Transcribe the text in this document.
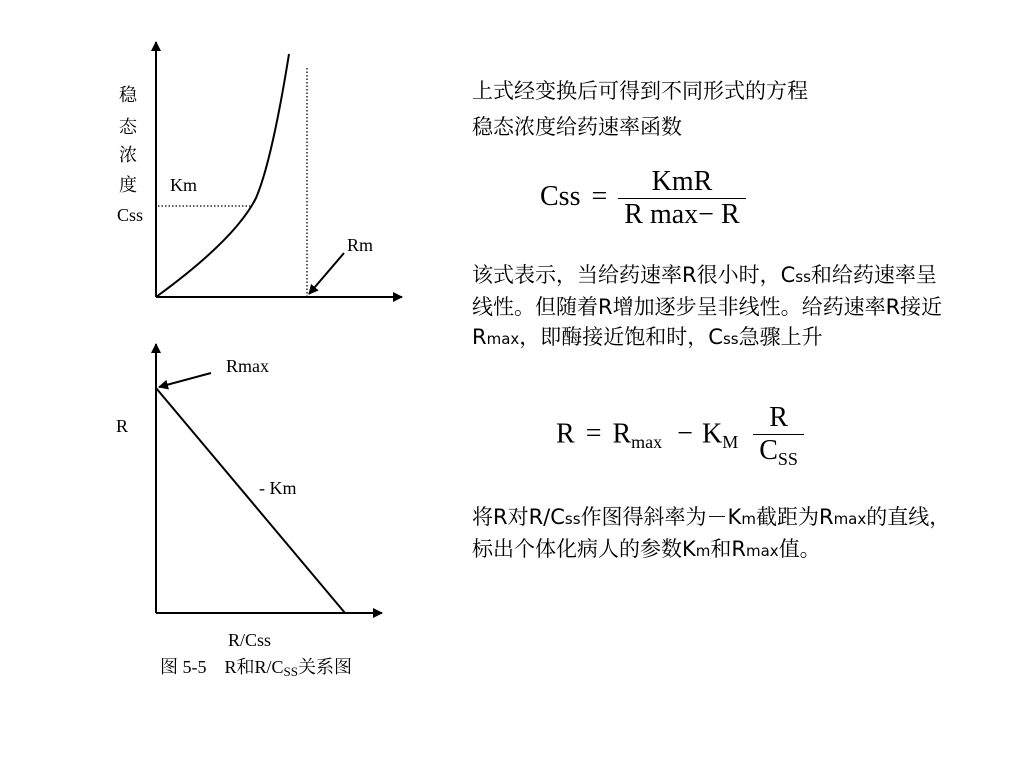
稳
态
浓
度
Css
Km
Rm
Rmax
R
- Km
R/Css
图 5-5　R和R/CSS关系图

上式经变换后可得到不同形式的方程

稳态浓度给药速率函数

Css = $\frac{\text{KmR}}{\text{R max− R}}$

该式表示，当给药速率R很小时，Css和给药速率呈线性。但随着R增加逐步呈非线性。给药速率R接近Rmax，即酶接近饱和时，Css急骤上升

$R = R_{max} - K_M \frac{R}{C_{SS}}$

将R对R/Css作图得斜率为－Km截距为Rmax的直线，标出个体化病人的参数Km和Rmax值。
